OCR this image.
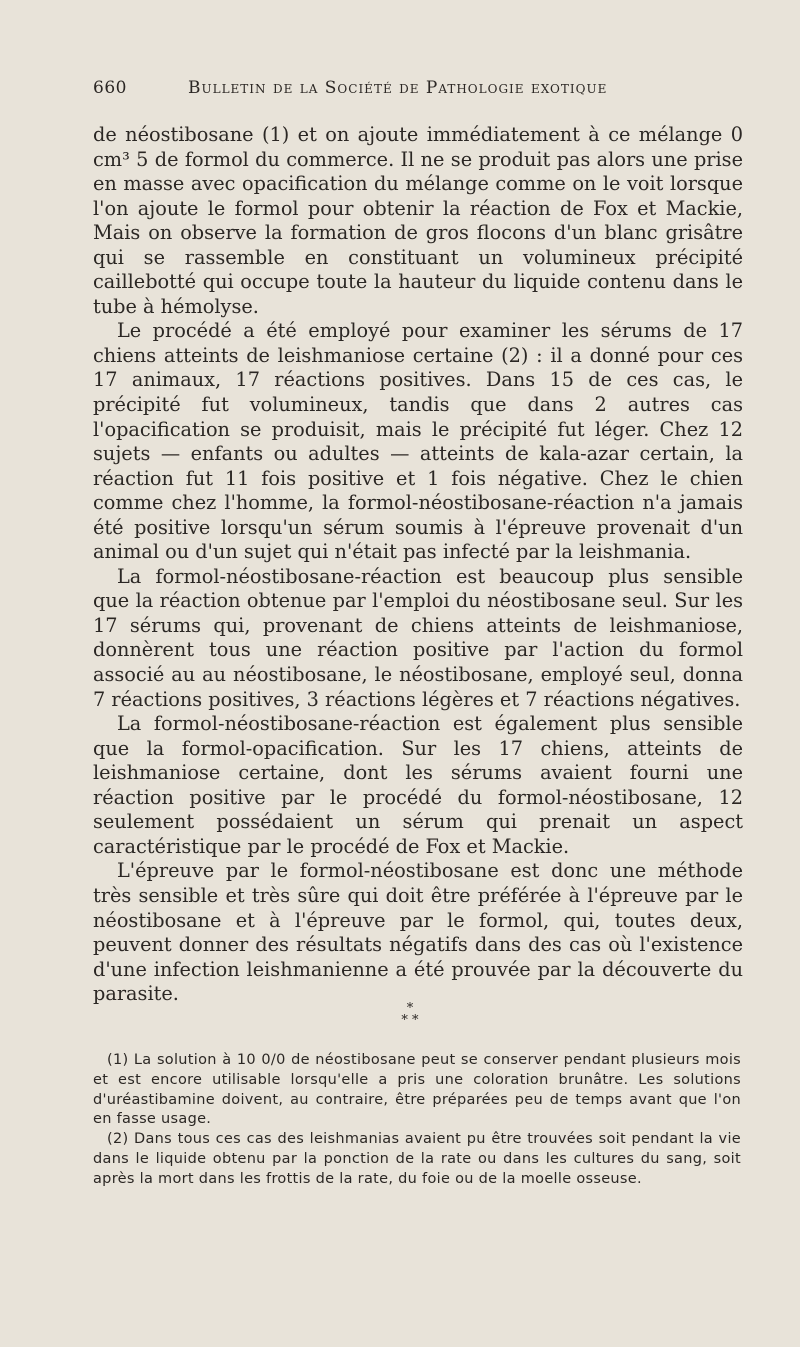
660	Bulletin de la Société de Pathologie exotique

de néostibosane (1) et on ajoute immédiatement à ce mélange 0 cm³ 5 de formol du commerce. Il ne se produit pas alors une prise en masse avec opacification du mélange comme on le voit lorsque l'on ajoute le formol pour obtenir la réaction de Fox et Mackie, Mais on observe la formation de gros flocons d'un blanc grisâtre qui se rassemble en constituant un volumineux précipité caillebotté qui occupe toute la hauteur du liquide contenu dans le tube à hémolyse.

Le procédé a été employé pour examiner les sérums de 17 chiens atteints de leishmaniose certaine (2) : il a donné pour ces 17 animaux, 17 réactions positives. Dans 15 de ces cas, le précipité fut volumineux, tandis que dans 2 autres cas l'opacification se produisit, mais le précipité fut léger. Chez 12 sujets — enfants ou adultes — atteints de kala-azar certain, la réaction fut 11 fois positive et 1 fois négative. Chez le chien comme chez l'homme, la formol-néostibosane-réaction n'a jamais été positive lorsqu'un sérum soumis à l'épreuve provenait d'un animal ou d'un sujet qui n'était pas infecté par la leishmania.

La formol-néostibosane-réaction est beaucoup plus sensible que la réaction obtenue par l'emploi du néostibosane seul. Sur les 17 sérums qui, provenant de chiens atteints de leishmaniose, donnèrent tous une réaction positive par l'action du formol associé au au néostibosane, le néostibosane, employé seul, donna 7 réactions positives, 3 réactions légères et 7 réactions négatives.

La formol-néostibosane-réaction est également plus sensible que la formol-opacification. Sur les 17 chiens, atteints de leishmaniose certaine, dont les sérums avaient fourni une réaction positive par le procédé du formol-néostibosane, 12 seulement possédaient un sérum qui prenait un aspect caractéristique par le procédé de Fox et Mackie.

L'épreuve par le formol-néostibosane est donc une méthode très sensible et très sûre qui doit être préférée à l'épreuve par le néostibosane et à l'épreuve par le formol, qui, toutes deux, peuvent donner des résultats négatifs dans des cas où l'existence d'une infection leishmanienne a été prouvée par la découverte du parasite.

*
* *

(1) La solution à 10 0/0 de néostibosane peut se conserver pendant plusieurs mois et est encore utilisable lorsqu'elle a pris une coloration brunâtre. Les solutions d'uréastibamine doivent, au contraire, être préparées peu de temps avant que l'on en fasse usage.

(2) Dans tous ces cas des leishmanias avaient pu être trouvées soit pendant la vie dans le liquide obtenu par la ponction de la rate ou dans les cultures du sang, soit après la mort dans les frottis de la rate, du foie ou de la moelle osseuse.
